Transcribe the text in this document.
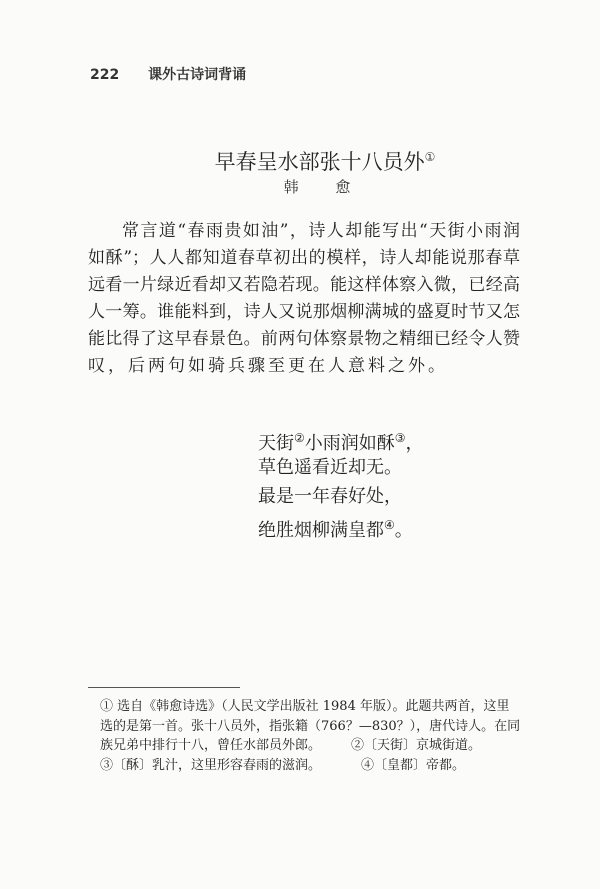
222 课外古诗词背诵
早春呈水部张十八员外①
韩 愈
常言道“春雨贵如油”，诗人却能写出“天街小雨润
如酥”；人人都知道春草初出的模样，诗人却能说那春草
远看一片绿近看却又若隐若现。能这样体察入微，已经高
人一筹。谁能料到，诗人又说那烟柳满城的盛夏时节又怎
能比得了这早春景色。前两句体察景物之精细已经令人赞
叹，后两句如骑兵骤至更在人意料之外。
天街②小雨润如酥③，
草色遥看近却无。
最是一年春好处，
绝胜烟柳满皇都④。
① 选自《韩愈诗选》（人民文学出版社 1984 年版）。此题共两首，这里
选的是第一首。张十八员外，指张籍（766？—830？），唐代诗人。在同
族兄弟中排行十八，曾任水部员外郎。 ②〔天街〕京城街道。
③〔酥〕乳汁，这里形容春雨的滋润。	④〔皇都〕帝都。
